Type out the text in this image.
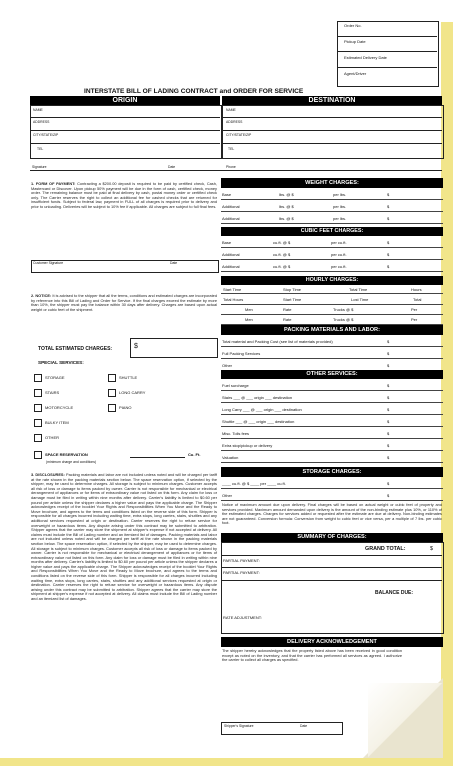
Order No.
Pickup Date
Estimated Delivery Date
Agent/Driver
INTERSTATE BILL OF LADING CONTRACT and ORDER FOR SERVICE
ORIGIN	DESTINATION
NAME
ADDRESS
CITY/STATE/ZIP
TEL
NAME
ADDRESS
CITY/STATE/ZIP
TEL
Signature	Date	Phone
1. FORM OF PAYMENT: Contracting a $200.00 deposit is required to be paid by certified check, Cash, Mastercard or Discover. Upon pickup 50% payment will be due in the form of cash, certified check, money order. The remaining balance must be paid at final delivery by cash, postal money order or certified check only. The Carrier reserves the right to collect an additional fee for cashed checks that are returned for insufficient funds. Subject to federal law, payment in FULL of all charges is required prior to delivery and prior to unloading. Deliveries will be subject to 10% fee if applicable. All charges are subject to full final fees.
Customer Signature	Date
2. NOTICE: It is advised to the shipper that all the terms, conditions and estimated charges are incorporated by reference into this Bill of Lading and Order for Service. If the final charges exceed the estimate by more than 10%, the shipper must pay the balance within 30 days after delivery. Charges are based upon actual weight or cubic feet of the shipment.
TOTAL ESTIMATED CHARGES:	$
SPECIAL SERVICES:
STORAGE
STAIRS
MOTORCYCLE
BULKY ITEM
OTHER
SHUTTLE
LONG CARRY
PIANO
SPACE RESERVATION
(minimum charge and conditions)
Cu. Ft.
3. DISCLOSURES: Packing materials and labor are not included unless noted and will be charged per tariff at the rate shown in the packing materials section below. The space reservation option, if selected by the shipper, may be used to determine charges. All storage is subject to minimum charges. Customer accepts all risk of loss or damage to items packed by owner. Carrier is not responsible for mechanical or electrical derangement of appliances or for items of extraordinary value not listed on this form. Any claim for loss or damage must be filed in writing within nine months after delivery. Carrier's liability is limited to $0.60 per pound per article unless the shipper declares a higher value and pays the applicable charge. The Shipper acknowledges receipt of the booklet Your Rights and Responsibilities When You Move and the Ready to Move brochure, and agrees to the terms and conditions listed on the reverse side of this form. Shipper is responsible for all charges incurred including waiting time, extra stops, long carries, stairs, shuttles and any additional services requested at origin or destination. Carrier reserves the right to refuse service for overweight or hazardous items. Any dispute arising under this contract may be submitted to arbitration. Shipper agrees that the carrier may store the shipment at shipper's expense if not accepted at delivery. All claims must include the Bill of Lading number and an itemized list of damages. Packing materials and labor are not included unless noted and will be charged per tariff at the rate shown in the packing materials section below. The space reservation option, if selected by the shipper, may be used to determine charges. All storage is subject to minimum charges. Customer accepts all risk of loss or damage to items packed by owner. Carrier is not responsible for mechanical or electrical derangement of appliances or for items of extraordinary value not listed on this form. Any claim for loss or damage must be filed in writing within nine months after delivery. Carrier's liability is limited to $0.60 per pound per article unless the shipper declares a higher value and pays the applicable charge. The Shipper acknowledges receipt of the booklet Your Rights and Responsibilities When You Move and the Ready to Move brochure, and agrees to the terms and conditions listed on the reverse side of this form. Shipper is responsible for all charges incurred including waiting time, extra stops, long carries, stairs, shuttles and any additional services requested at origin or destination. Carrier reserves the right to refuse service for overweight or hazardous items. Any dispute arising under this contract may be submitted to arbitration. Shipper agrees that the carrier may store the shipment at shipper's expense if not accepted at delivery. All claims must include the Bill of Lading number and an itemized list of damages.
WEIGHT CHARGES:
Base	lbs. @ $	per lbs.	$
Additional	lbs. @ $	per lbs.	$
Additional	lbs. @ $	per lbs.	$
CUBIC FEET CHARGES:
Base	cu.ft. @ $	per cu.ft.	$
Additional	cu.ft. @ $	per cu.ft.	$
Additional	cu.ft. @ $	per cu.ft.	$
HOURLY CHARGES:
Start Time	Stop Time	Total Time	Hours
Total Hours	Start Time	Lost Time	Total
Men	Rate	Trucks @ $	Per
Men	Rate	Trucks @ $	Per
PACKING MATERIALS AND LABOR:
Total material and Packing Cost (see list of materials provided)	$
Full Packing Services	$
Other	$
OTHER SERVICES:
Fuel surcharge	$
Stairs ___ @ ___ origin ___ destination	$
Long Carry ___ @ ___ origin ___ destination	$
Shuttle ___ @ ___ origin ___ destination	$
Misc. Tolls fees	$
Extra stop/pickup or delivery	$
Valuation	$
STORAGE CHARGES:
____ cu.ft. @ $ ____ per ____ cu.ft.	$
Other	$
Notice of maximum amount due upon delivery. Final charges will be based on actual weight or cubic feet of property and services provided. Maximum amount demanded upon delivery is the amount of the non-binding estimate plus 10%, or 110% of the estimated charges. Charges for services added or requested after the estimate are due at delivery. Non-binding estimates are not guaranteed. Conversion formula: Conversion from weight to cubic feet or vice versa, per a multiple of 7 lbs. per cubic foot.
SUMMARY OF CHARGES:
GRAND TOTAL:	$
PARTIAL PAYMENT:
PARTIAL PAYMENT:
BALANCE DUE:
RATE ADJUSTMENT:
DELIVERY ACKNOWLEDGEMENT
The shipper hereby acknowledges that the property listed above has been received in good condition except as noted on the inventory, and that the carrier has performed all services as agreed. I authorize the carrier to collect all charges as specified.
Shipper's Signature	Date
